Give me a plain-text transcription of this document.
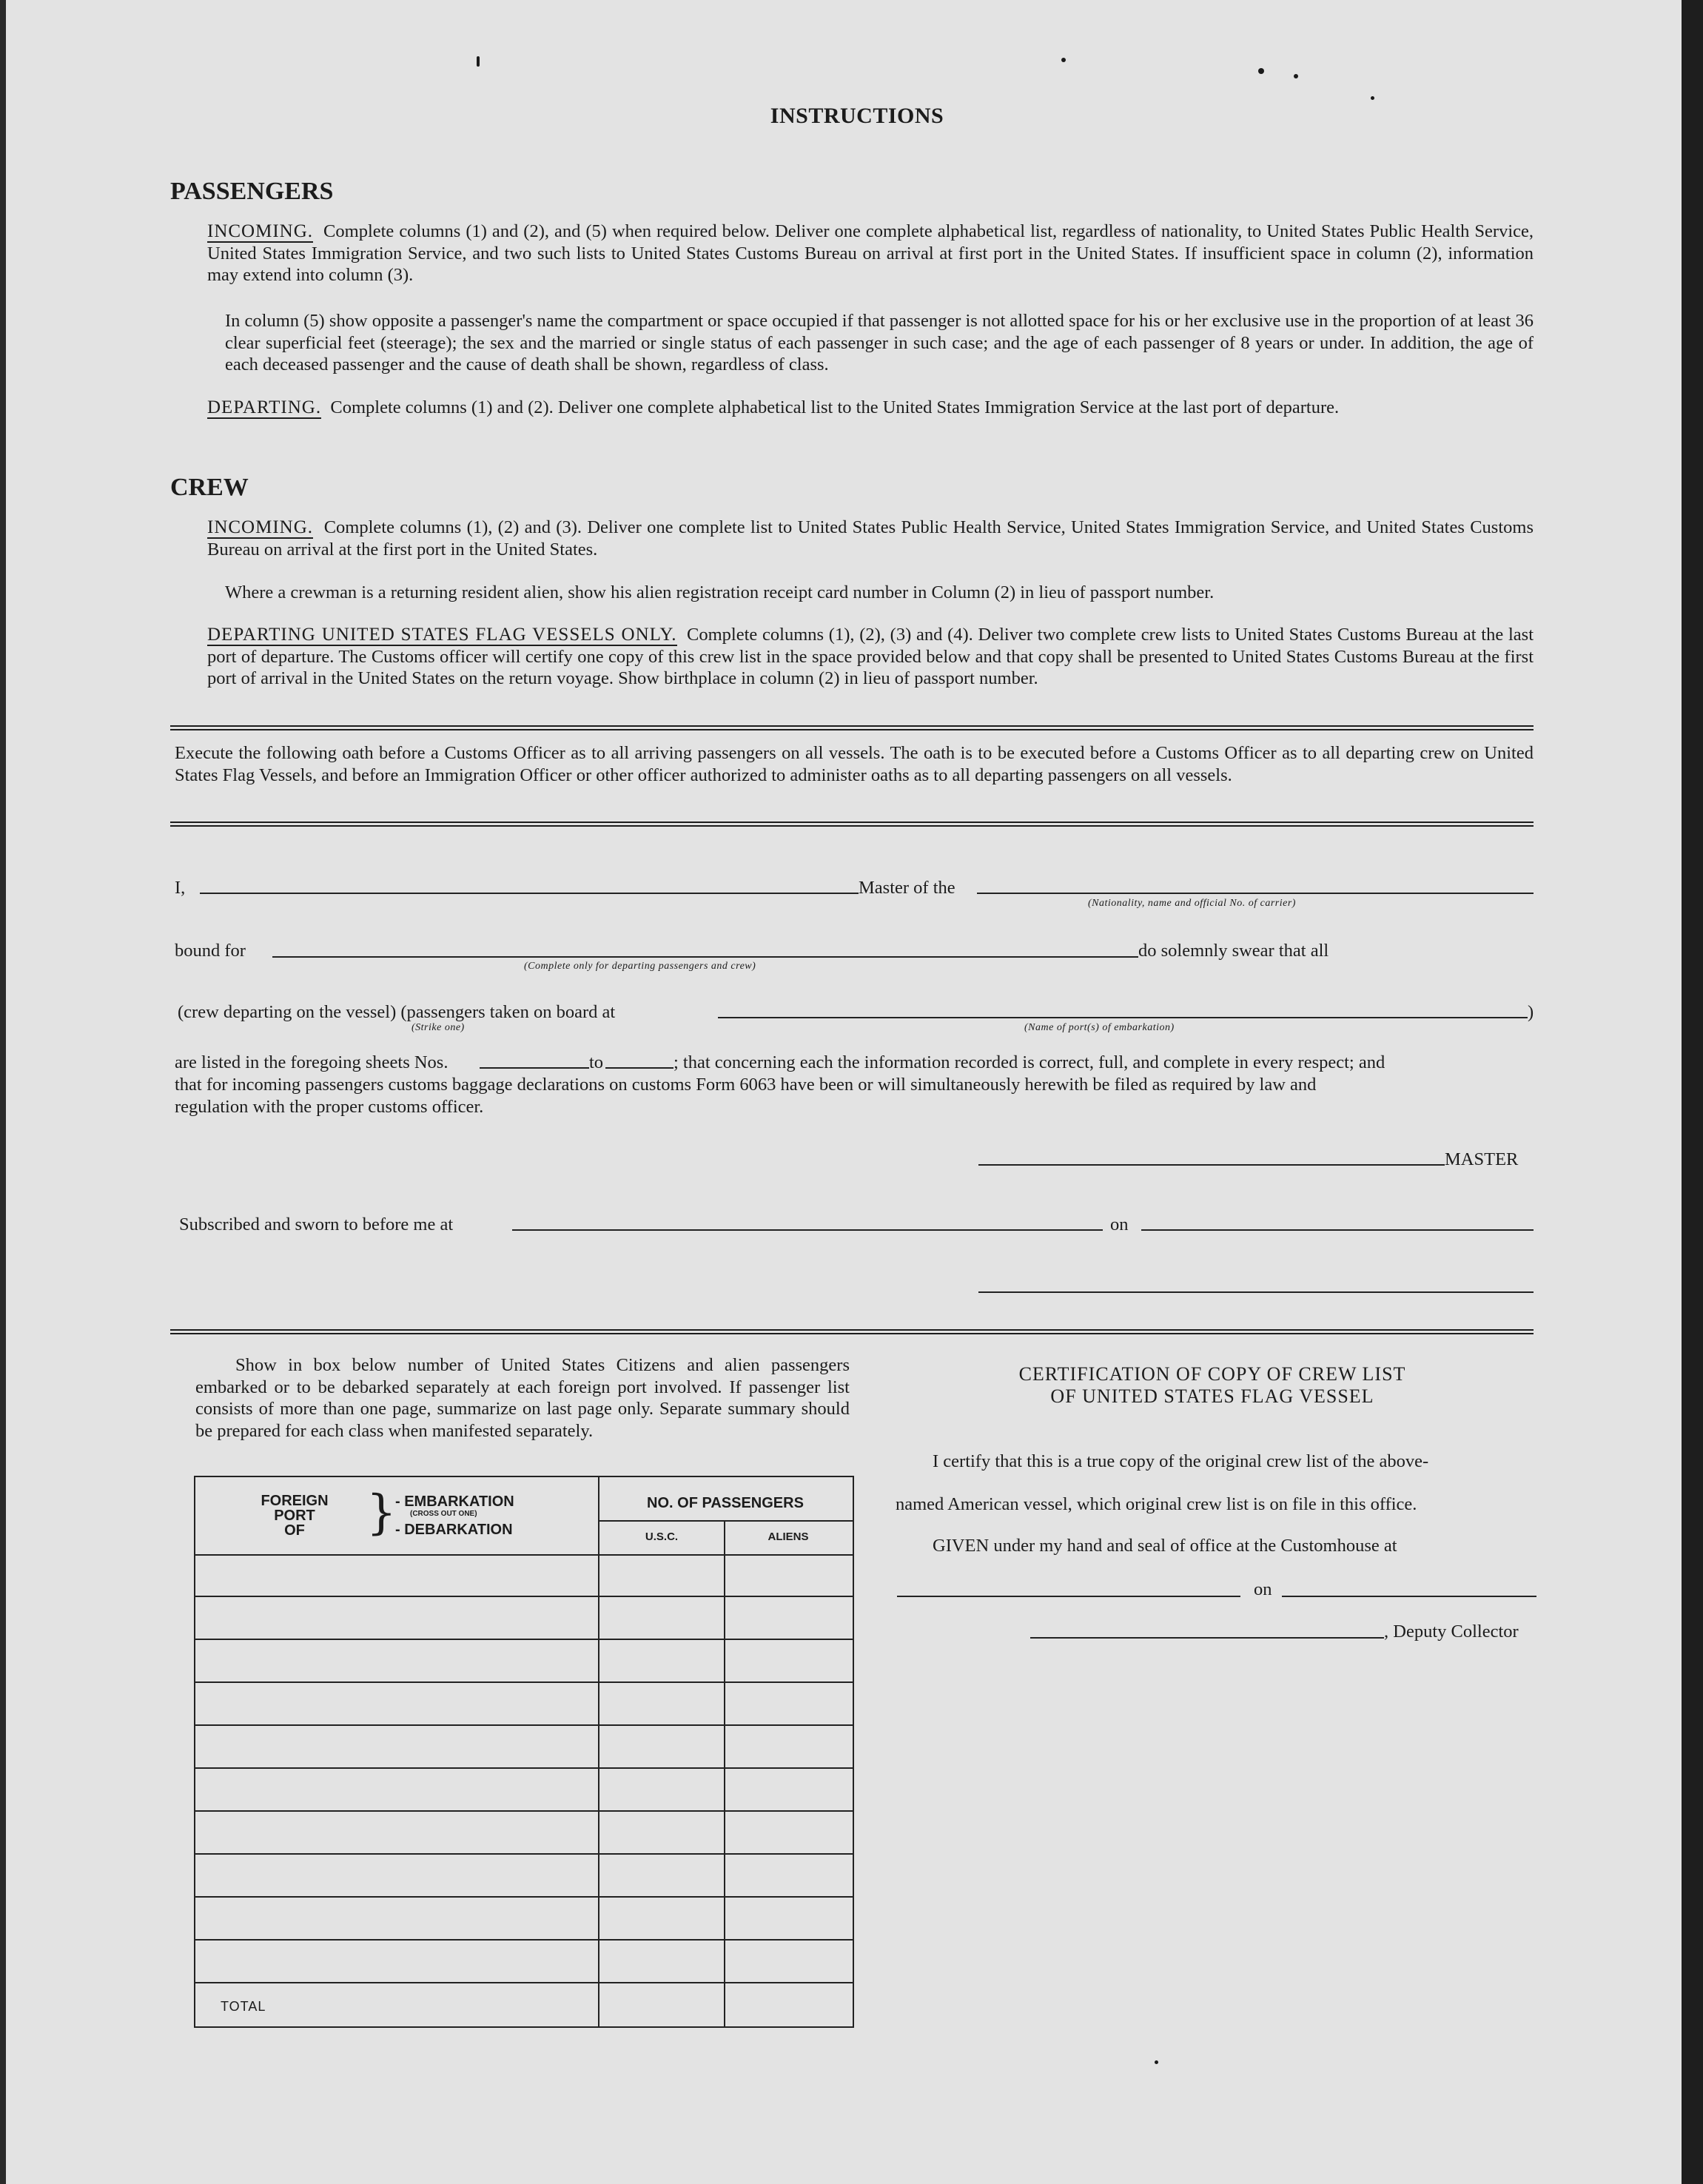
INSTRUCTIONS
PASSENGERS
INCOMING. Complete columns (1) and (2), and (5) when required below. Deliver one complete alphabetical list, regardless of nationality, to United States Public Health Service, United States Immigration Service, and two such lists to United States Customs Bureau on arrival at first port in the United States. If insufficient space in column (2), information may extend into column (3).
In column (5) show opposite a passenger's name the compartment or space occupied if that passenger is not allotted space for his or her exclusive use in the proportion of at least 36 clear superficial feet (steerage); the sex and the married or single status of each passenger in such case; and the age of each passenger of 8 years or under. In addition, the age of each deceased passenger and the cause of death shall be shown, regardless of class.
DEPARTING. Complete columns (1) and (2). Deliver one complete alphabetical list to the United States Immigration Service at the last port of departure.
CREW
INCOMING. Complete columns (1), (2) and (3). Deliver one complete list to United States Public Health Service, United States Immigration Service, and United States Customs Bureau on arrival at the first port in the United States.
Where a crewman is a returning resident alien, show his alien registration receipt card number in Column (2) in lieu of passport number.
DEPARTING UNITED STATES FLAG VESSELS ONLY. Complete columns (1), (2), (3) and (4). Deliver two complete crew lists to United States Customs Bureau at the last port of departure. The Customs officer will certify one copy of this crew list in the space provided below and that copy shall be presented to United States Customs Bureau at the first port of arrival in the United States on the return voyage. Show birthplace in column (2) in lieu of passport number.
Execute the following oath before a Customs Officer as to all arriving passengers on all vessels. The oath is to be executed before a Customs Officer as to all departing crew on United States Flag Vessels, and before an Immigration Officer or other officer authorized to administer oaths as to all departing passengers on all vessels.
I,	Master of the
(Nationality, name and official No. of carrier)
bound for
(Complete only for departing passengers and crew)
do solemnly swear that all
(crew departing on the vessel) (passengers taken on board at	)
(Strike one)	(Name of port(s) of embarkation)
are listed in the foregoing sheets Nos.	to	; that concerning each the information recorded is correct, full, and complete in every respect; and
that for incoming passengers customs baggage declarations on customs Form 6063 have been or will simultaneously herewith be filed as required by law and
regulation with the proper customs officer.
MASTER
Subscribed and sworn to before me at	on
Show in box below number of United States Citizens and alien passengers embarked or to be debarked separately at each foreign port involved. If passenger list consists of more than one page, summarize on last page only. Separate summary should be prepared for each class when manifested separately.
FOREIGN
PORT
OF	}
- EMBARKATION
(CROSS OUT ONE)
- DEBARKATION
NO. OF PASSENGERS
U.S.C.	ALIENS
TOTAL
CERTIFICATION OF COPY OF CREW LIST
OF UNITED STATES FLAG VESSEL
I certify that this is a true copy of the original crew list of the above-
named American vessel, which original crew list is on file in this office.
GIVEN under my hand and seal of office at the Customhouse at
on
, Deputy Collector
